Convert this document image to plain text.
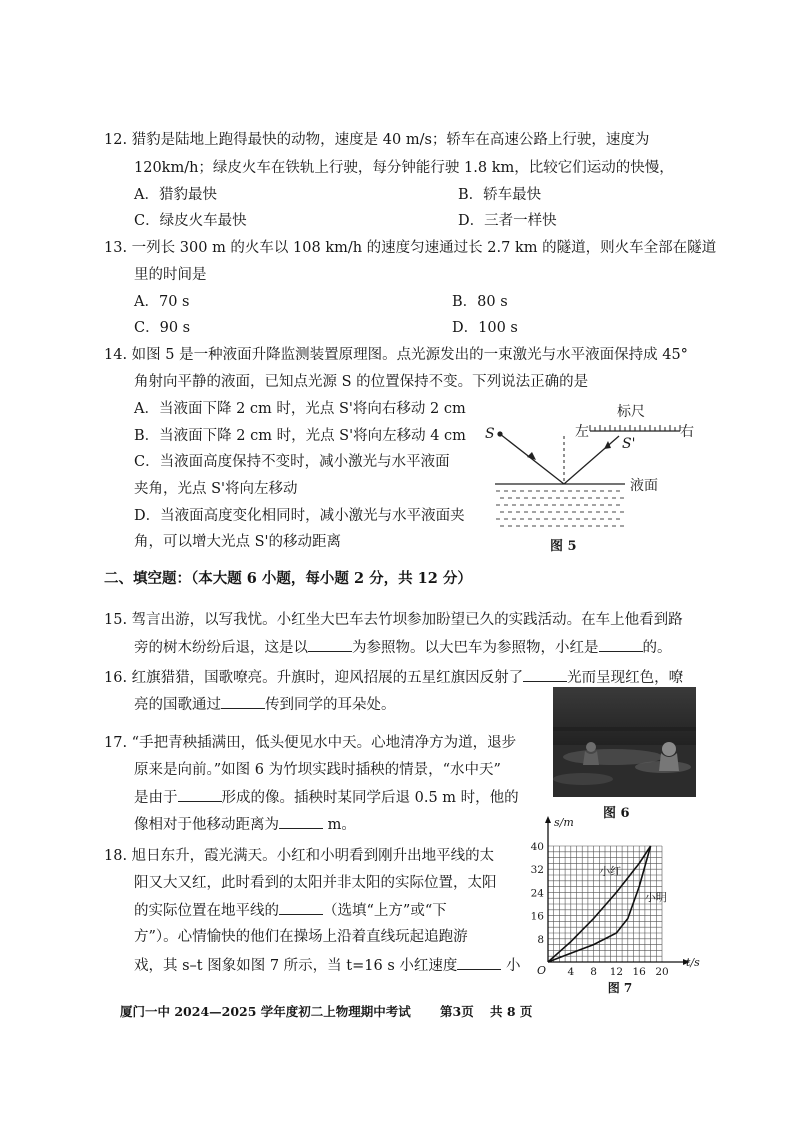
12. 猎豹是陆地上跑得最快的动物，速度是 40 m/s；轿车在高速公路上行驶，速度为
120km/h；绿皮火车在铁轨上行驶，每分钟能行驶 1.8 km，比较它们运动的快慢，
A．猎豹最快	B．轿车最快
C．绿皮火车最快	D．三者一样快
13. 一列长 300 m 的火车以 108 km/h 的速度匀速通过长 2.7 km 的隧道，则火车全部在隧道
里的时间是
A．70 s	B．80 s
C．90 s	D．100 s
14. 如图 5 是一种液面升降监测装置原理图。点光源发出的一束激光与水平液面保持成 45°
角射向平静的液面，已知点光源 S 的位置保持不变。下列说法正确的是
A．当液面下降 2 cm 时，光点 S'将向右移动 2 cm
B．当液面下降 2 cm 时，光点 S'将向左移动 4 cm
C．当液面高度保持不变时，减小激光与水平液面
夹角，光点 S'将向左移动
D．当液面高度变化相同时，减小激光与水平液面夹
角，可以增大光点 S'的移动距离
标尺
左	右
S
S'
液面
图 5
二、填空题：（本大题 6 小题，每小题 2 分，共 12 分）
15. 驾言出游，以写我忧。小红坐大巴车去竹坝参加盼望已久的实践活动。在车上他看到路
旁的树木纷纷后退，这是以	为参照物。以大巴车为参照物，小红是	的。
16. 红旗猎猎，国歌嘹亮。升旗时，迎风招展的五星红旗因反射了	光而呈现红色，嘹
亮的国歌通过	传到同学的耳朵处。
图 6
17. “手把青秧插满田，低头便见水中天。心地清净方为道，退步
原来是向前。”如图 6 为竹坝实践时插秧的情景，“水中天”
是由于	形成的像。插秧时某同学后退 0.5 m 时，他的
像相对于他移动距离为	m。
18. 旭日东升，霞光满天。小红和小明看到刚升出地平线的太
阳又大又红，此时看到的太阳并非太阳的实际位置，太阳
的实际位置在地平线的	（选填“上方”或“下
方”）。心情愉快的他们在操场上沿着直线玩起追跑游
戏，其 s–t 图象如图 7 所示，当 t=16 s 小红速度	小
s/m
t/s
O 4 8 12 16 20
8
16
24
32
40
小红
小明
图 7
厦门一中 2024—2025 学年度初二上物理期中考试 第3页 共 8 页
